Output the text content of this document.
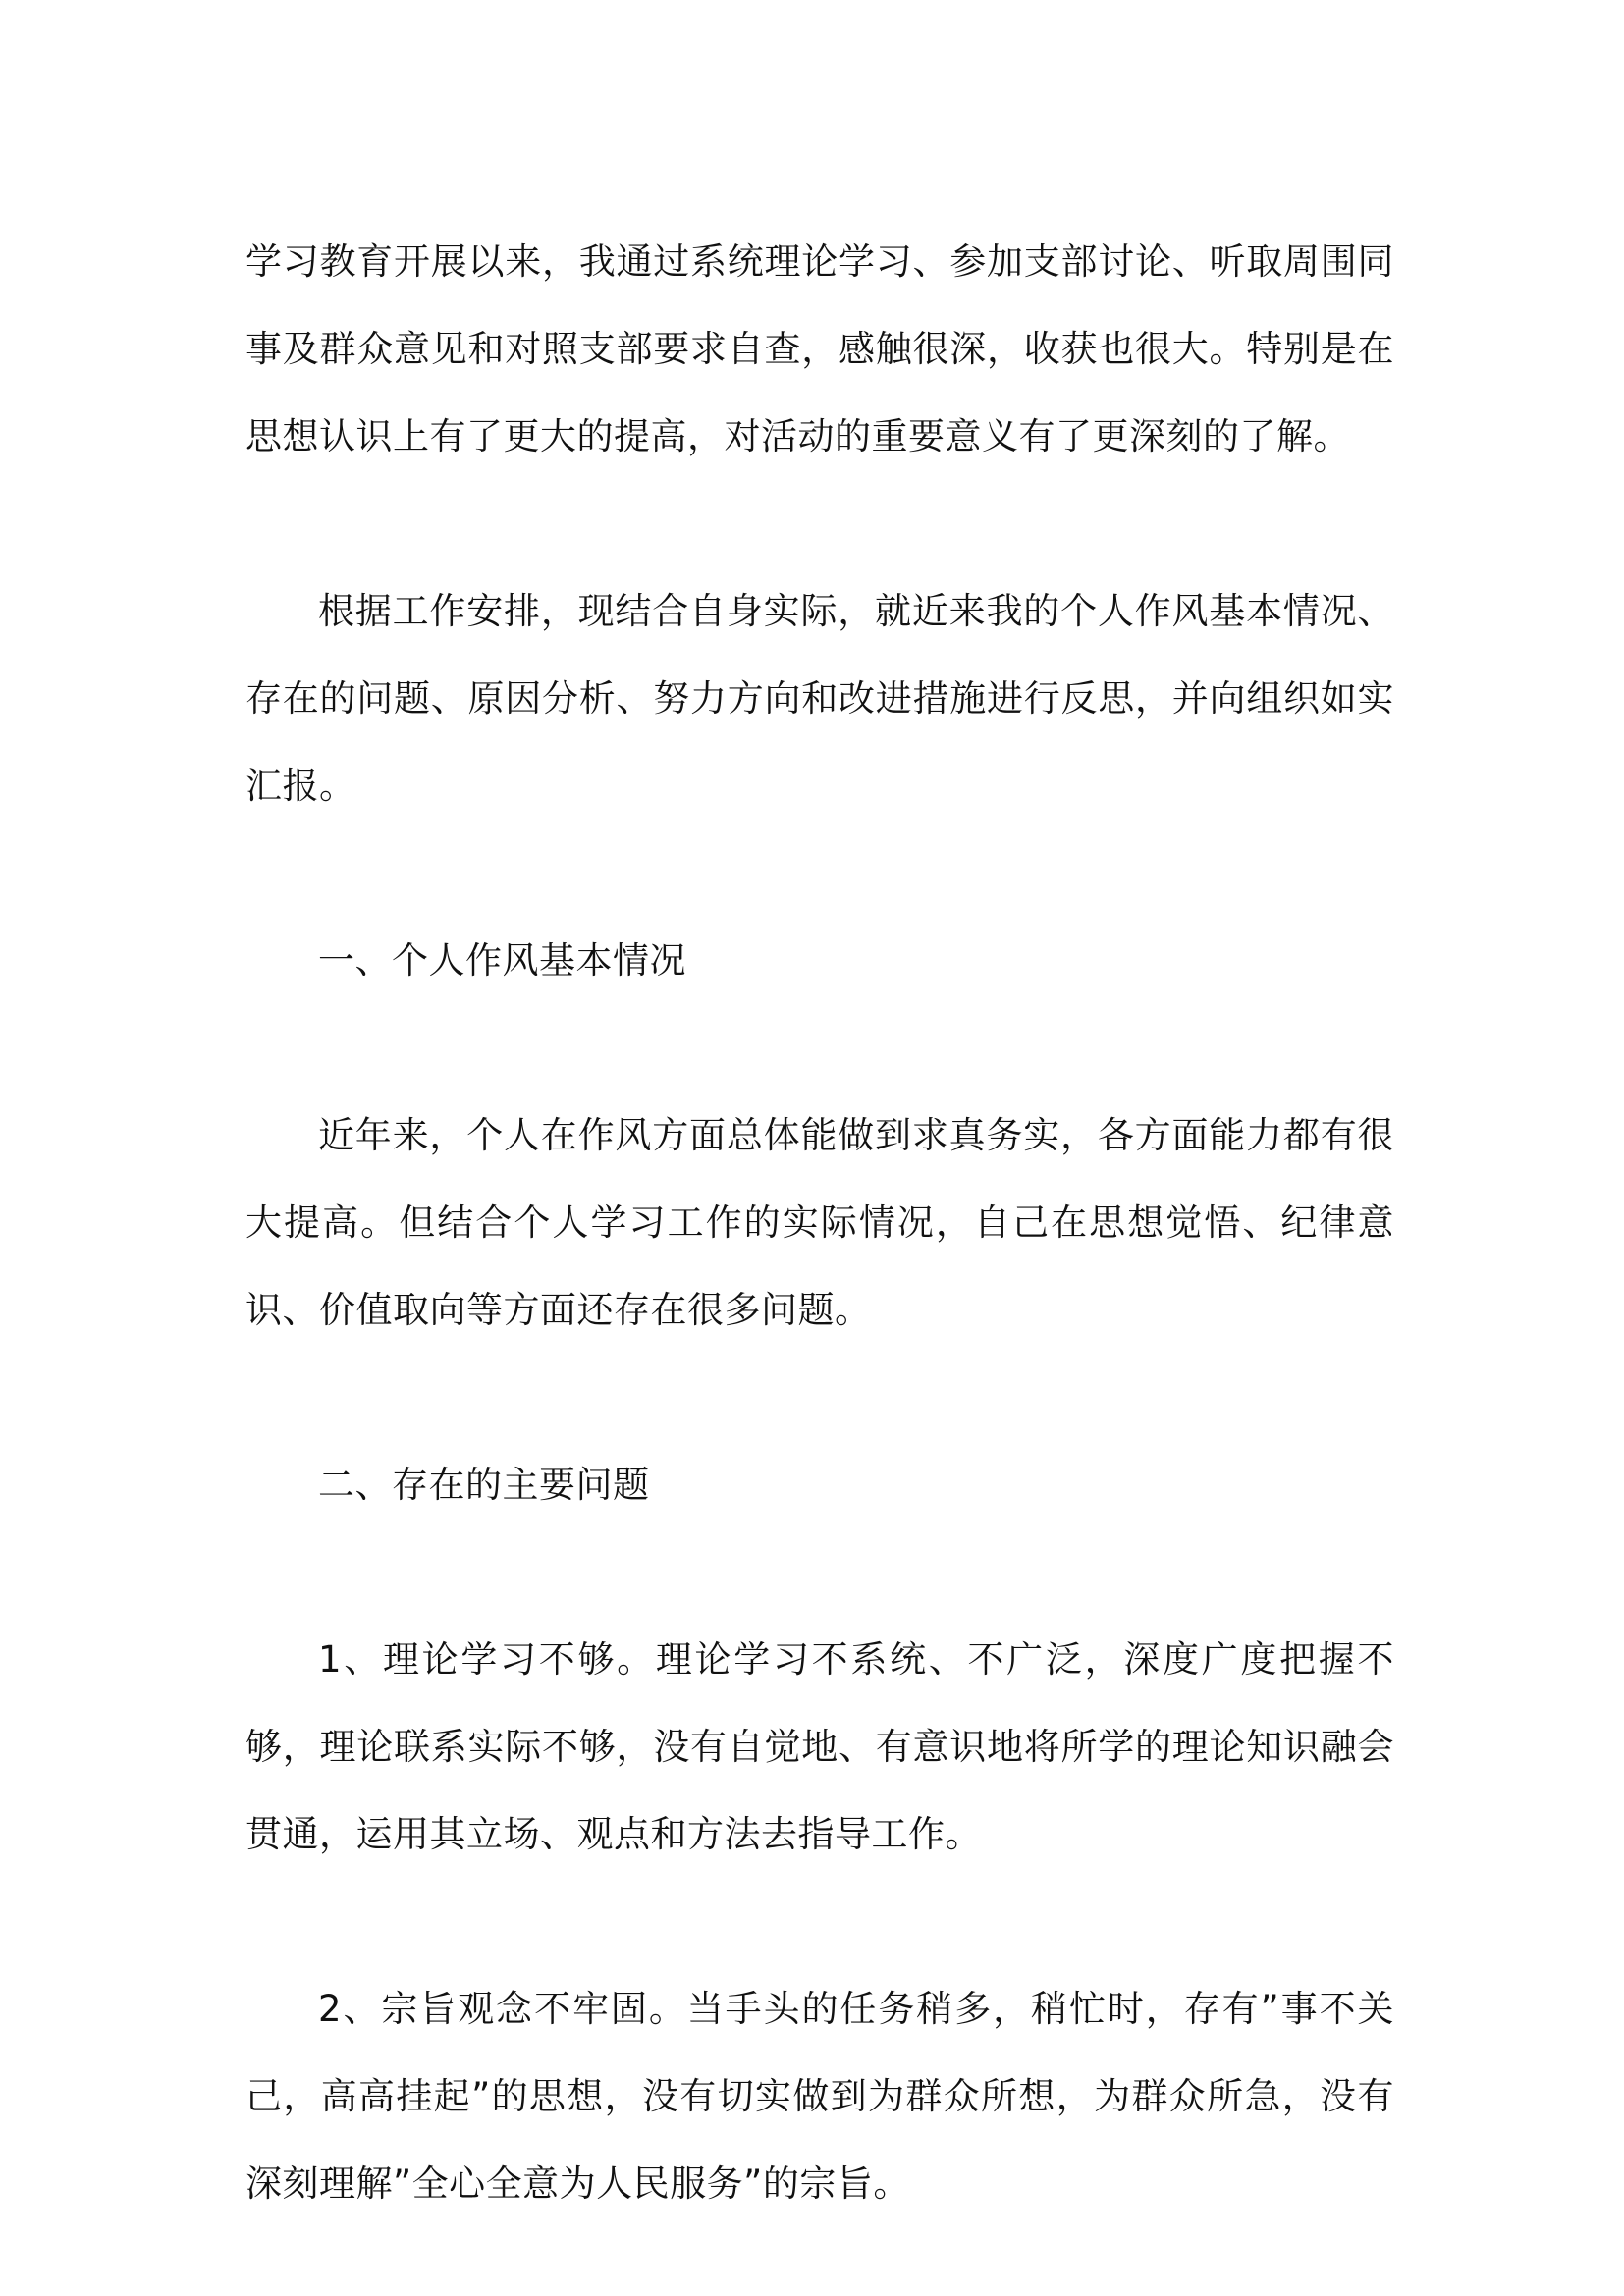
学习教育开展以来，我通过系统理论学习、参加支部讨论、听取周围同事及群众意见和对照支部要求自查，感触很深，收获也很大。特别是在思想认识上有了更大的提高，对活动的重要意义有了更深刻的了解。

根据工作安排，现结合自身实际，就近来我的个人作风基本情况、存在的问题、原因分析、努力方向和改进措施进行反思，并向组织如实汇报。

一、个人作风基本情况

近年来，个人在作风方面总体能做到求真务实，各方面能力都有很大提高。但结合个人学习工作的实际情况，自己在思想觉悟、纪律意识、价值取向等方面还存在很多问题。

二、存在的主要问题

1、理论学习不够。理论学习不系统、不广泛，深度广度把握不够，理论联系实际不够，没有自觉地、有意识地将所学的理论知识融会贯通，运用其立场、观点和方法去指导工作。

2、宗旨观念不牢固。当手头的任务稍多，稍忙时，存有”事不关己，高高挂起”的思想，没有切实做到为群众所想，为群众所急，没有深刻理解”全心全意为人民服务”的宗旨。
